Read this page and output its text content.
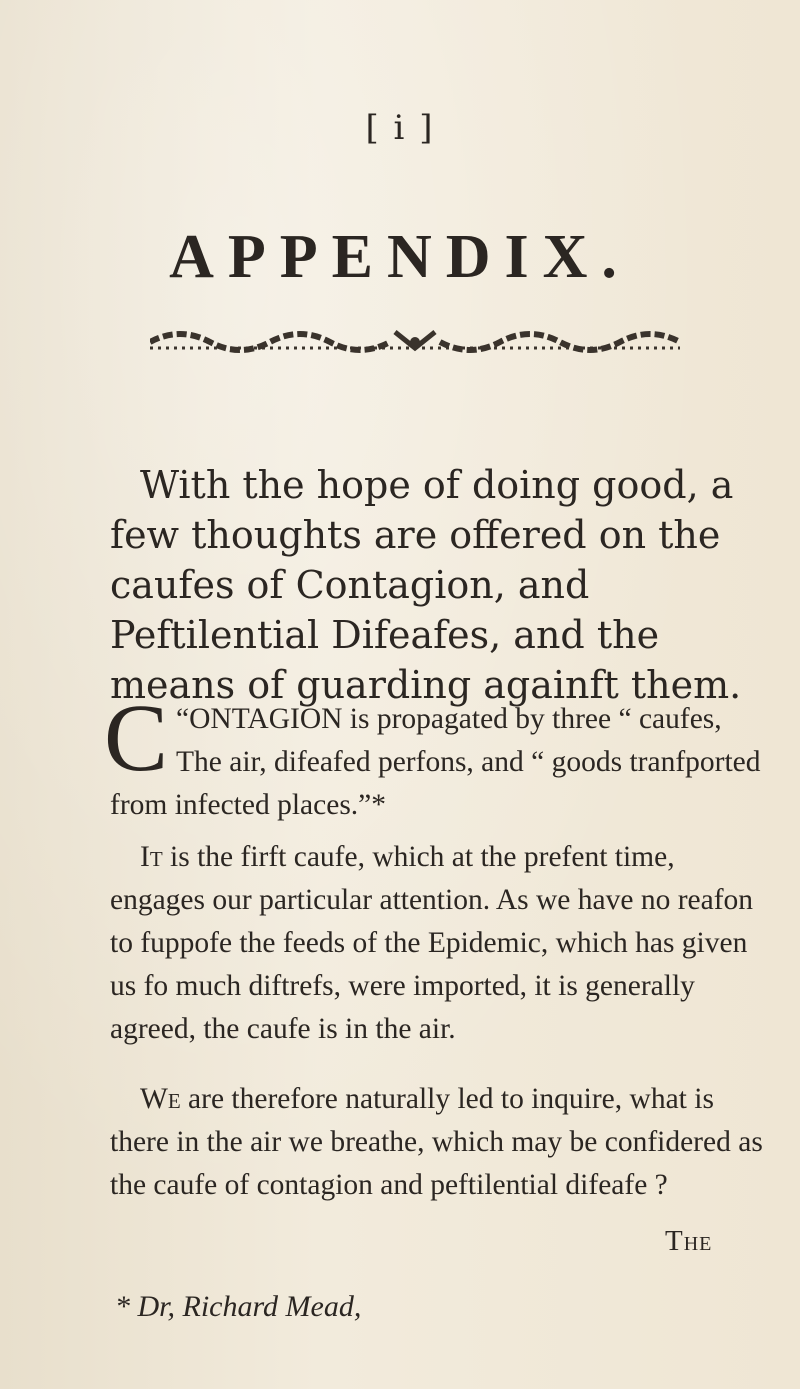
[ i ]
APPENDIX.

With the hope of doing good, a few thoughts are offered on the caufes of Contagion, and Peftilential Difeafes, and the means of guarding againft them.

“
C ONTAGION is propagated by three “ caufes, The air, difeafed perfons, and “ goods tranfported from infected places.”*

It is the firft caufe, which at the prefent time, engages our particular attention. As we have no reafon to fuppofe the feeds of the Epidemic, which has given us fo much diftrefs, were imported, it is generally agreed, the caufe is in the air.

We are therefore naturally led to inquire, what is there in the air we breathe, which may be confidered as the caufe of contagion and peftilential difeafe ?

The
* Dr, Richard Mead,
